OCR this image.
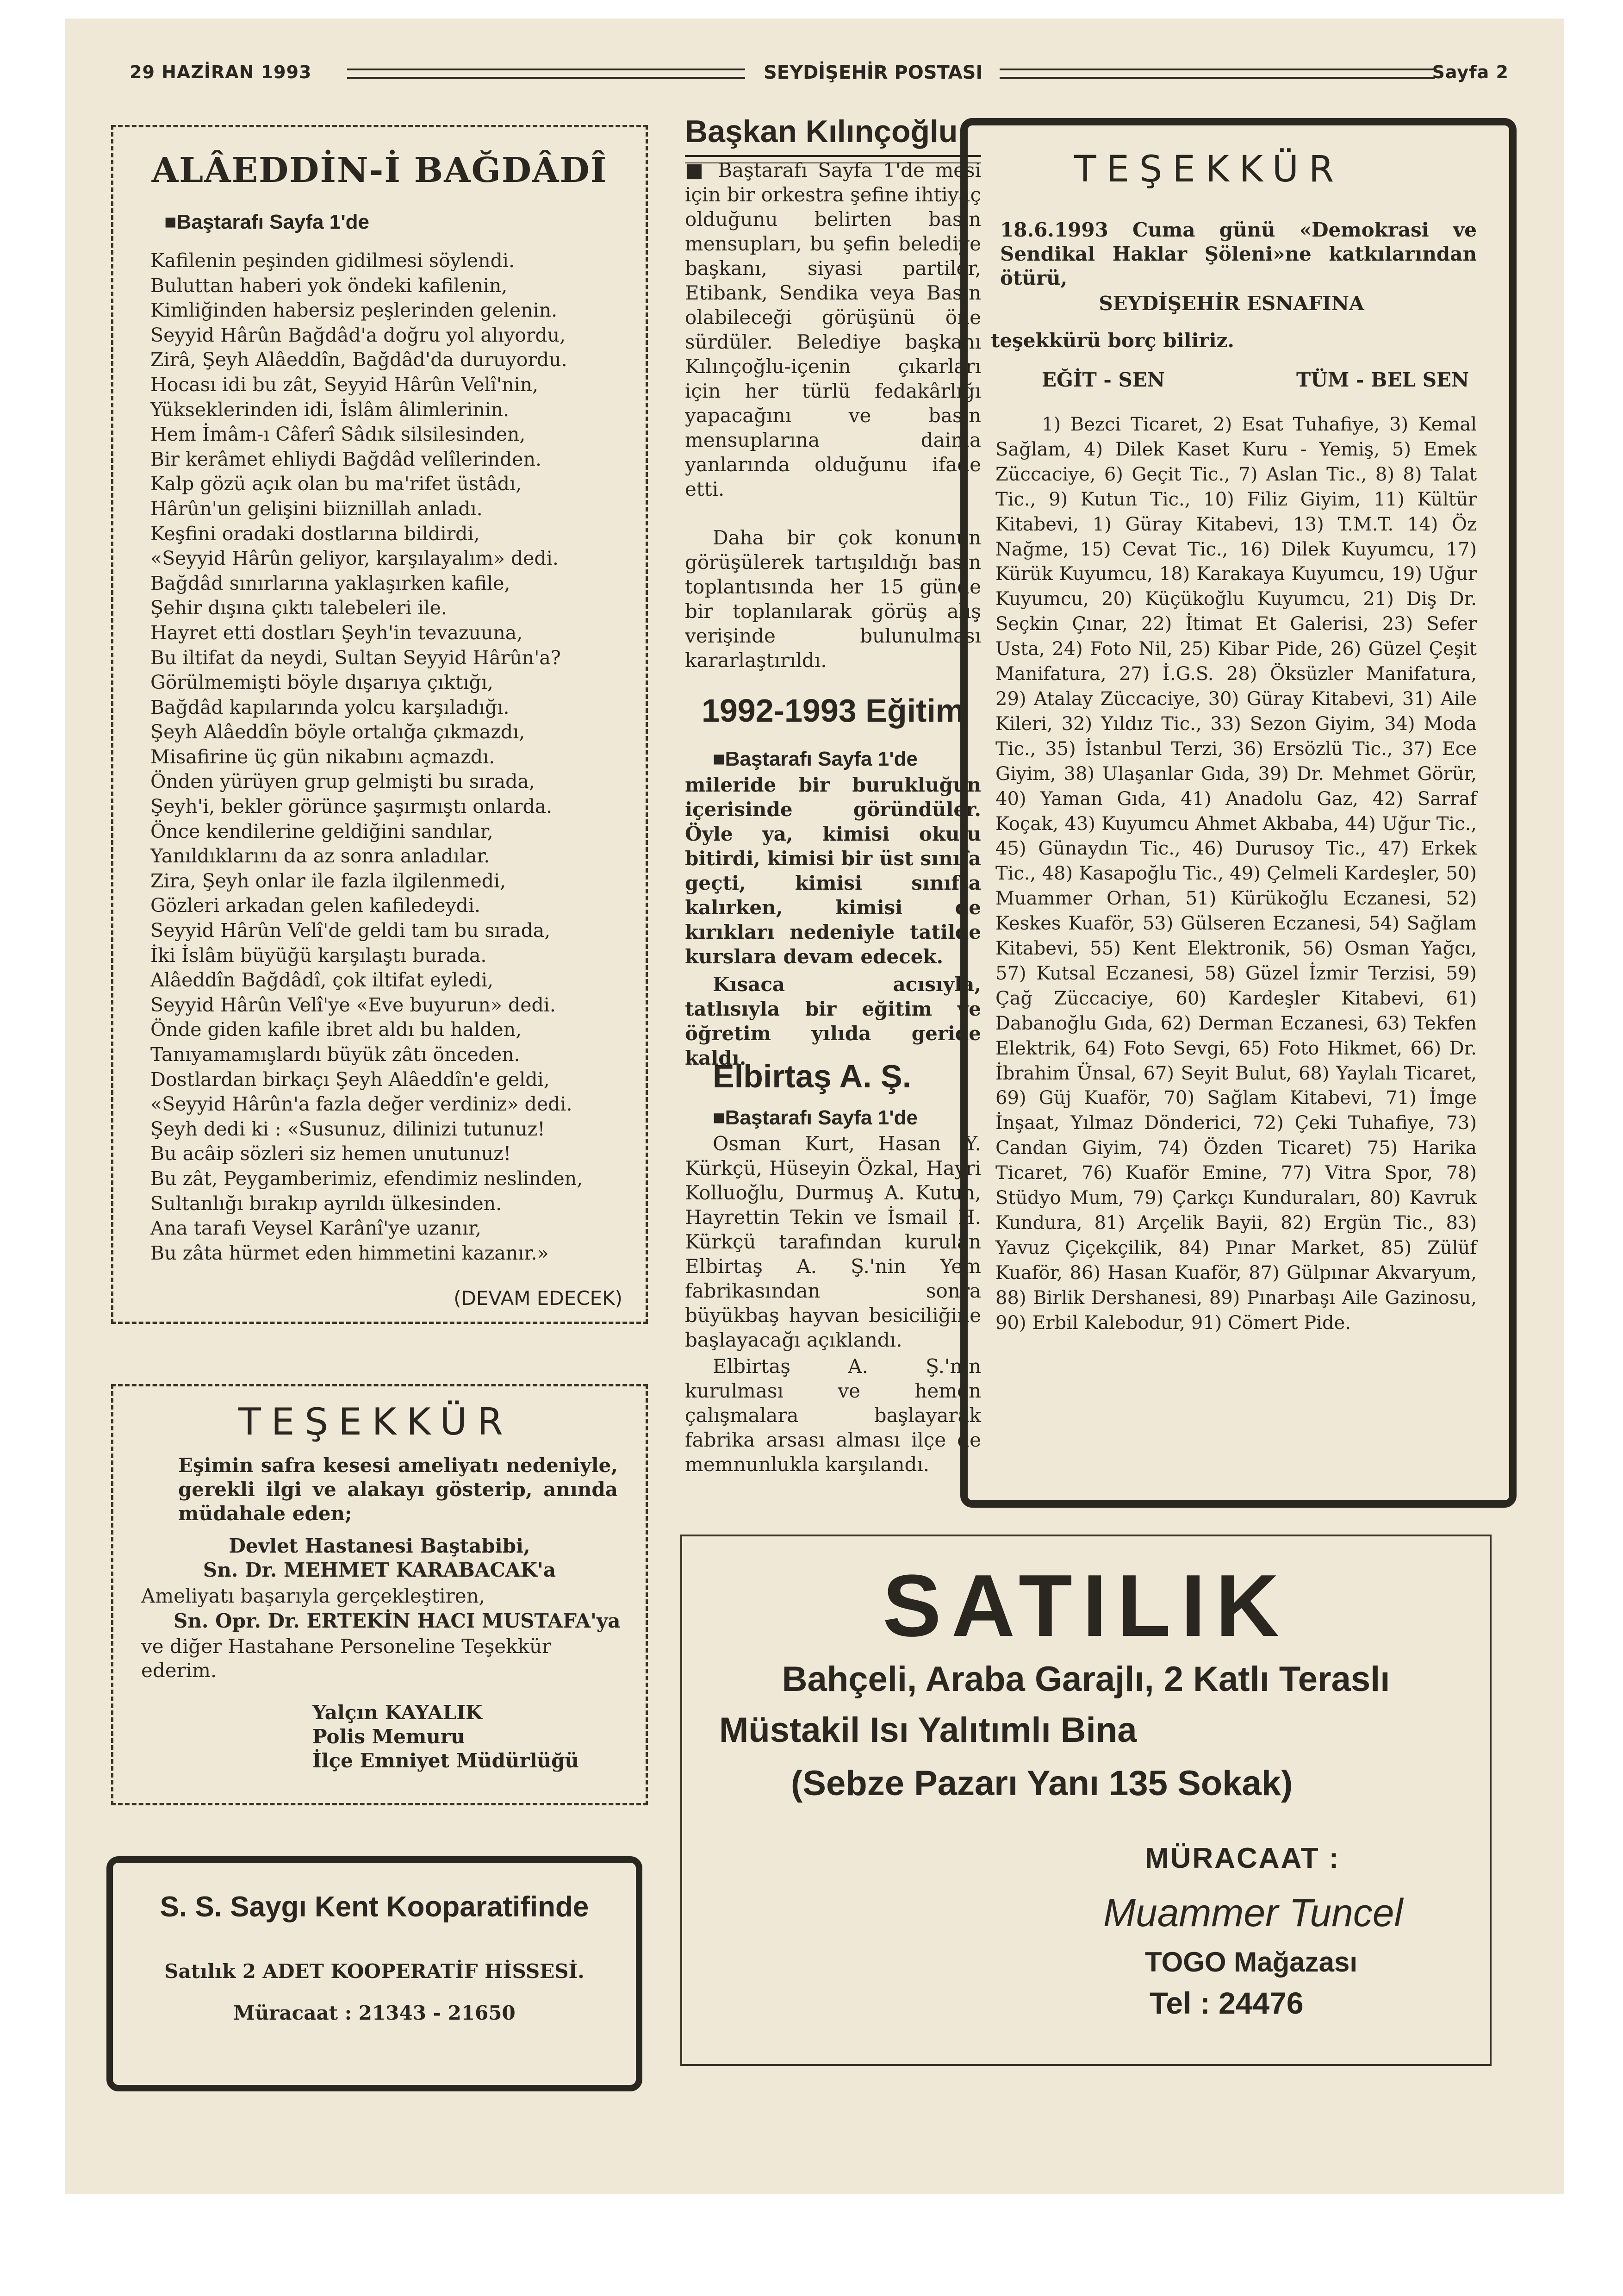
29 HAZİRAN 1993	SEYDİŞEHİR POSTASI	Sayfa 2
ALÂEDDİN-İ BAĞDÂDÎ
■Baştarafı Sayfa 1'de
Kafilenin peşinden gidilmesi söylendi.
Buluttan haberi yok öndeki kafilenin,
Kimliğinden habersiz peşlerinden gelenin.
Seyyid Hârûn Bağdâd'a doğru yol alıyordu,
Zirâ, Şeyh Alâeddîn, Bağdâd'da duruyordu.
Hocası idi bu zât, Seyyid Hârûn Velî'nin,
Yükseklerinden idi, İslâm âlimlerinin.
Hem İmâm-ı Câferî Sâdık silsilesinden,
Bir kerâmet ehliydi Bağdâd velîlerinden.
Kalp gözü açık olan bu ma'rifet üstâdı,
Hârûn'un gelişini biiznillah anladı.
Keşfini oradaki dostlarına bildirdi,
«Seyyid Hârûn geliyor, karşılayalım» dedi.
Bağdâd sınırlarına yaklaşırken kafile,
Şehir dışına çıktı talebeleri ile.
Hayret etti dostları Şeyh'in tevazuuna,
Bu iltifat da neydi, Sultan Seyyid Hârûn'a?
Görülmemişti böyle dışarıya çıktığı,
Bağdâd kapılarında yolcu karşıladığı.
Şeyh Alâeddîn böyle ortalığa çıkmazdı,
Misafirine üç gün nikabını açmazdı.
Önden yürüyen grup gelmişti bu sırada,
Şeyh'i, bekler görünce şaşırmıştı onlarda.
Önce kendilerine geldiğini sandılar,
Yanıldıklarını da az sonra anladılar.
Zira, Şeyh onlar ile fazla ilgilenmedi,
Gözleri arkadan gelen kafiledeydi.
Seyyid Hârûn Velî'de geldi tam bu sırada,
İki İslâm büyüğü karşılaştı burada.
Alâeddîn Bağdâdî, çok iltifat eyledi,
Seyyid Hârûn Velî'ye «Eve buyurun» dedi.
Önde giden kafile ibret aldı bu halden,
Tanıyamamışlardı büyük zâtı önceden.
Dostlardan birkaçı Şeyh Alâeddîn'e geldi,
«Seyyid Hârûn'a fazla değer verdiniz» dedi.
Şeyh dedi ki : «Susunuz, dilinizi tutunuz!
Bu acâip sözleri siz hemen unutunuz!
Bu zât, Peygamberimiz, efendimiz neslinden,
Sultanlığı bırakıp ayrıldı ülkesinden.
Ana tarafı Veysel Karânî'ye uzanır,
Bu zâta hürmet eden himmetini kazanır.»
(DEVAM EDECEK)
TEŞEKKÜR
Eşimin safra kesesi ameliyatı nedeniyle, gerekli ilgi ve alakayı gösterip, anında müdahale eden;
Devlet Hastanesi Baştabibi,
Sn. Dr. MEHMET KARABACAK'a
Ameliyatı başarıyla gerçekleştiren,
Sn. Opr. Dr. ERTEKİN HACI MUSTAFA'ya
ve diğer Hastahane Personeline Teşekkür ederim.
Yalçın KAYALIK
Polis Memuru
İlçe Emniyet Müdürlüğü
S. S. Saygı Kent Kooparatifinde
Satılık 2 ADET KOOPERATİF HİSSESİ.
Müracaat : 21343 - 21650
Başkan Kılınçoğlu
■ Baştarafı Sayfa 1'de mesi için bir orkestra şefine ihtiyaç olduğunu belirten basın mensupları, bu şefin belediye başkanı, siyasi partiler, Etibank, Sendika veya Basın olabileceği görüşünü öne sürdüler. Belediye başkanı Kılınçoğlu-içenin çıkarları için her türlü fedakârlığı yapacağını ve basın mensuplarına daima yanlarında olduğunu ifade etti.
Daha bir çok konunun görüşülerek tartışıldığı basın toplantısında her 15 günde bir toplanılarak görüş alış verişinde bulunulması kararlaştırıldı.
1992-1993 Eğitim
■Baştarafı Sayfa 1'de
mileride bir burukluğun içerisinde göründüler. Öyle ya, kimisi okulu bitirdi, kimisi bir üst sınıfa geçti, kimisi sınıfta kalırken, kimisi de kırıkları nedeniyle tatilde kurslara devam edecek.
Kısaca acısıyla, tatlısıyla bir eğitim ve öğretim yılıda geride kaldı.
Elbirtaş A. Ş.
■Baştarafı Sayfa 1'de
Osman Kurt, Hasan Y. Kürkçü, Hüseyin Özkal, Hayri Kolluoğlu, Durmuş A. Kutun, Hayrettin Tekin ve İsmail H. Kürkçü tarafından kurulan Elbirtaş A. Ş.'nin Yem fabrikasından sonra büyükbaş hayvan besiciliğine başlayacağı açıklandı.
Elbirtaş A. Ş.'nin kurulması ve hemen çalışmalara başlayarak fabrika arsası alması ilçe de memnunlukla karşılandı.
TEŞEKKÜR
18.6.1993 Cuma günü «Demokrasi ve Sendikal Haklar Şöleni»ne katkılarından ötürü,
SEYDİŞEHİR ESNAFINA
teşekkürü borç biliriz.
EĞİT - SEN	TÜM - BEL SEN
1) Bezci Ticaret, 2) Esat Tuhafiye, 3) Kemal Sağlam, 4) Dilek Kaset Kuru - Yemiş, 5) Emek Züccaciye, 6) Geçit Tic., 7) Aslan Tic., 8) 8) Talat Tic., 9) Kutun Tic., 10) Filiz Giyim, 11) Kültür Kitabevi, 1) Güray Kitabevi, 13) T.M.T. 14) Öz Nağme, 15) Cevat Tic., 16) Dilek Kuyumcu, 17) Kürük Kuyumcu, 18) Karakaya Kuyumcu, 19) Uğur Kuyumcu, 20) Küçükoğlu Kuyumcu, 21) Diş Dr. Seçkin Çınar, 22) İtimat Et Galerisi, 23) Sefer Usta, 24) Foto Nil, 25) Kibar Pide, 26) Güzel Çeşit Manifatura, 27) İ.G.S. 28) Öksüzler Manifatura, 29) Atalay Züccaciye, 30) Güray Kitabevi, 31) Aile Kileri, 32) Yıldız Tic., 33) Sezon Giyim, 34) Moda Tic., 35) İstanbul Terzi, 36) Ersözlü Tic., 37) Ece Giyim, 38) Ulaşanlar Gıda, 39) Dr. Mehmet Görür, 40) Yaman Gıda, 41) Anadolu Gaz, 42) Sarraf Koçak, 43) Kuyumcu Ahmet Akbaba, 44) Uğur Tic., 45) Günaydın Tic., 46) Durusoy Tic., 47) Erkek Tic., 48) Kasapoğlu Tic., 49) Çelmeli Kardeşler, 50) Muammer Orhan, 51) Kürükoğlu Eczanesi, 52) Keskes Kuaför, 53) Gülseren Eczanesi, 54) Sağlam Kitabevi, 55) Kent Elektronik, 56) Osman Yağcı, 57) Kutsal Eczanesi, 58) Güzel İzmir Terzisi, 59) Çağ Züccaciye, 60) Kardeşler Kitabevi, 61) Dabanoğlu Gıda, 62) Derman Eczanesi, 63) Tekfen Elektrik, 64) Foto Sevgi, 65) Foto Hikmet, 66) Dr. İbrahim Ünsal, 67) Seyit Bulut, 68) Yaylalı Ticaret, 69) Güj Kuaför, 70) Sağlam Kitabevi, 71) İmge İnşaat, Yılmaz Dönderici, 72) Çeki Tuhafiye, 73) Candan Giyim, 74) Özden Ticaret) 75) Harika Ticaret, 76) Kuaför Emine, 77) Vitra Spor, 78) Stüdyo Mum, 79) Çarkçı Kunduraları, 80) Kavruk Kundura, 81) Arçelik Bayii, 82) Ergün Tic., 83) Yavuz Çiçekçilik, 84) Pınar Market, 85) Zülüf Kuaför, 86) Hasan Kuaför, 87) Gülpınar Akvaryum, 88) Birlik Dershanesi, 89) Pınarbaşı Aile Gazinosu, 90) Erbil Kalebodur, 91) Cömert Pide.
SATILIK
Bahçeli, Araba Garajlı, 2 Katlı Teraslı
Müstakil Isı Yalıtımlı Bina
(Sebze Pazarı Yanı 135 Sokak)
MÜRACAAT :
Muammer Tuncel
TOGO Mağazası
Tel : 24476
